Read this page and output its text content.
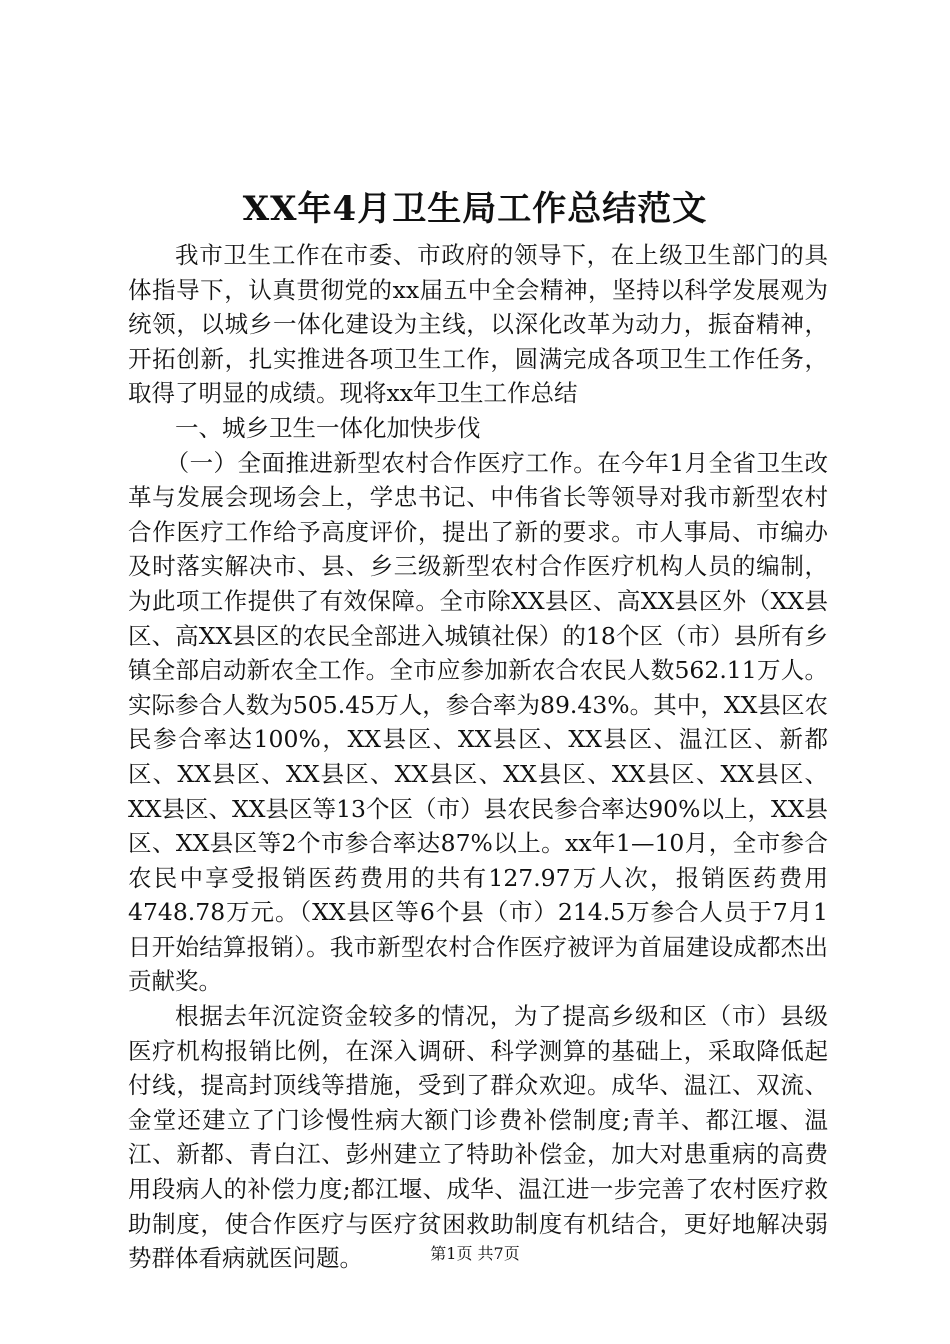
XX年4月卫生局工作总结范文

我市卫生工作在市委、市政府的领导下，在上级卫生部门的具体指导下，认真贯彻党的xx届五中全会精神，坚持以科学发展观为统领，以城乡一体化建设为主线，以深化改革为动力，振奋精神，开拓创新，扎实推进各项卫生工作，圆满完成各项卫生工作任务，取得了明显的成绩。现将xx年卫生工作总结

一、城乡卫生一体化加快步伐

（一）全面推进新型农村合作医疗工作。在今年1月全省卫生改革与发展会现场会上，学忠书记、中伟省长等领导对我市新型农村合作医疗工作给予高度评价，提出了新的要求。市人事局、市编办及时落实解决市、县、乡三级新型农村合作医疗机构人员的编制，为此项工作提供了有效保障。全市除XX县区、高XX县区外（XX县区、高XX县区的农民全部进入城镇社保）的18个区（市）县所有乡镇全部启动新农全工作。全市应参加新农合农民人数562.11万人。实际参合人数为505.45万人，参合率为89.43%。其中，XX县区农民参合率达100%，XX县区、XX县区、XX县区、温江区、新都区、XX县区、XX县区、XX县区、XX县区、XX县区、XX县区、XX县区、XX县区等13个区（市）县农民参合率达90%以上，XX县区、XX县区等2个市参合率达87%以上。xx年1—10月，全市参合农民中享受报销医药费用的共有127.97万人次，报销医药费用4748.78万元。（XX县区等6个县（市）214.5万参合人员于7月1日开始结算报销）。我市新型农村合作医疗被评为首届建设成都杰出贡献奖。

根据去年沉淀资金较多的情况，为了提高乡级和区（市）县级医疗机构报销比例，在深入调研、科学测算的基础上，采取降低起付线，提高封顶线等措施，受到了群众欢迎。成华、温江、双流、金堂还建立了门诊慢性病大额门诊费补偿制度;青羊、都江堰、温江、新都、青白江、彭州建立了特助补偿金，加大对患重病的高费用段病人的补偿力度;都江堰、成华、温江进一步完善了农村医疗救助制度，使合作医疗与医疗贫困救助制度有机结合，更好地解决弱势群体看病就医问题。	第1页 共7页
